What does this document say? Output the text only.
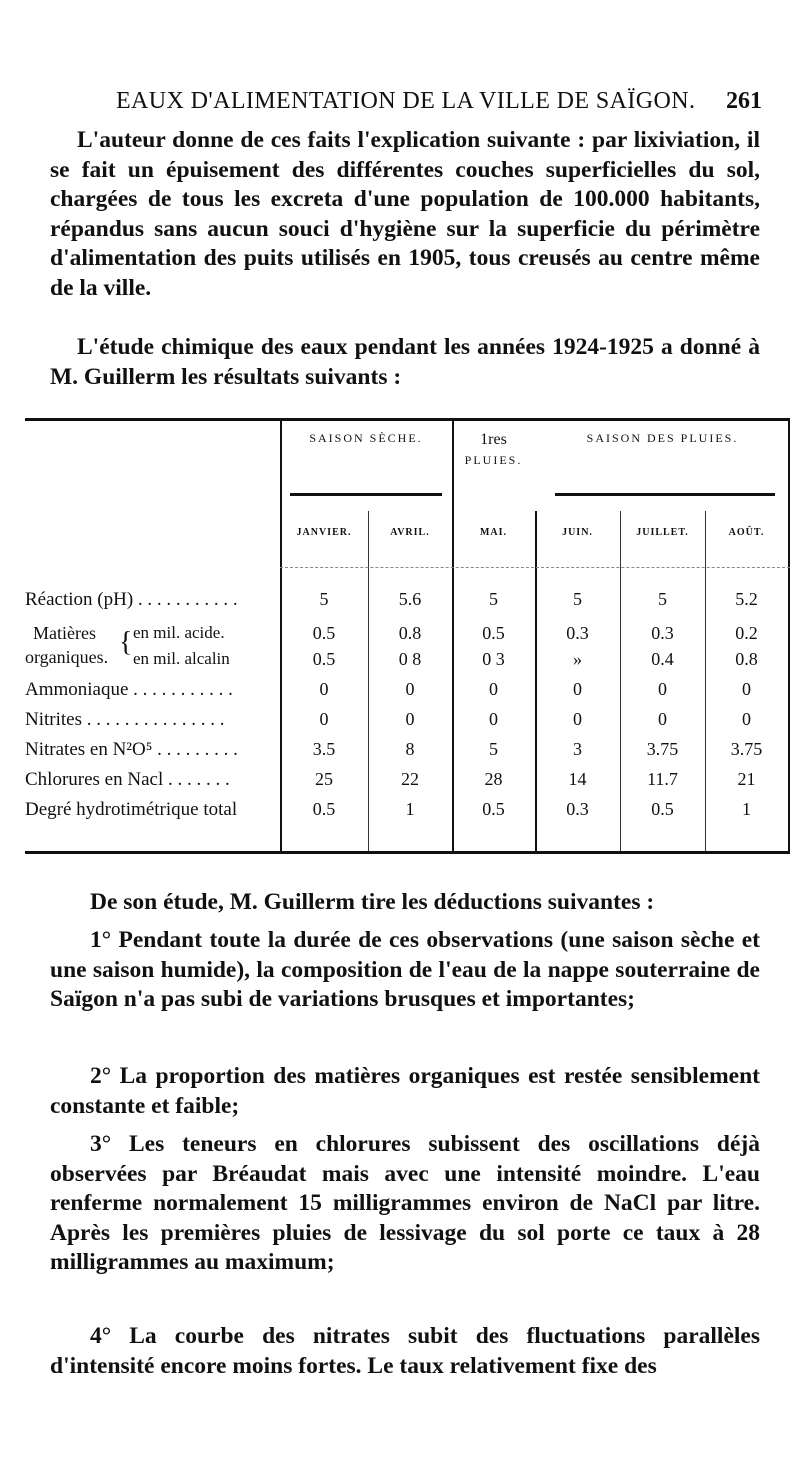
EAUX D'ALIMENTATION DE LA VILLE DE SAÏGON. 261
L'auteur donne de ces faits l'explication suivante : par lixiviation, il se fait un épuisement des différentes couches superficielles du sol, chargées de tous les excreta d'une population de 100.000 habitants, répandus sans aucun souci d'hygiène sur la superficie du périmètre d'alimentation des puits utilisés en 1905, tous creusés au centre même de la ville.
L'étude chimique des eaux pendant les années 1924-1925 a donné à M. Guillerm les résultats suivants :
SAISON SÈCHE.	1res
PLUIES.
SAISON DES PLUIES.
JANVIER.	AVRIL.	MAI.	JUIN.	JUILLET.	AOÛT.
Réaction (pH) . . . . . . . . . . .	5	5.6	5	5	5	5.2
Matières
organiques. { en mil. acide.	0.5	0.8	0.5	0.3	0.3	0.2
en mil. alcalin	0.5	0 8	0 3	»	0.4	0.8
Ammoniaque . . . . . . . . . . .	0	0	0	0	0	0
Nitrites . . . . . . . . . . . . . . .	0	0	0	0	0	0
Nitrates en N²O⁵ . . . . . . . . .	3.5	8	5	3	3.75	3.75
Chlorures en Nacl . . . . . . .	25	22	28	14	11.7	21
Degré hydrotimétrique total	0.5	1	0.5	0.3	0.5	1
De son étude, M. Guillerm tire les déductions suivantes :
1° Pendant toute la durée de ces observations (une saison sèche et une saison humide), la composition de l'eau de la nappe souterraine de Saïgon n'a pas subi de variations brusques et importantes;
2° La proportion des matières organiques est restée sensiblement constante et faible;
3° Les teneurs en chlorures subissent des oscillations déjà observées par Bréaudat mais avec une intensité moindre. L'eau renferme normalement 15 milligrammes environ de NaCl par litre. Après les premières pluies de lessivage du sol porte ce taux à 28 milligrammes au maximum;
4° La courbe des nitrates subit des fluctuations parallèles d'intensité encore moins fortes. Le taux relativement fixe des
